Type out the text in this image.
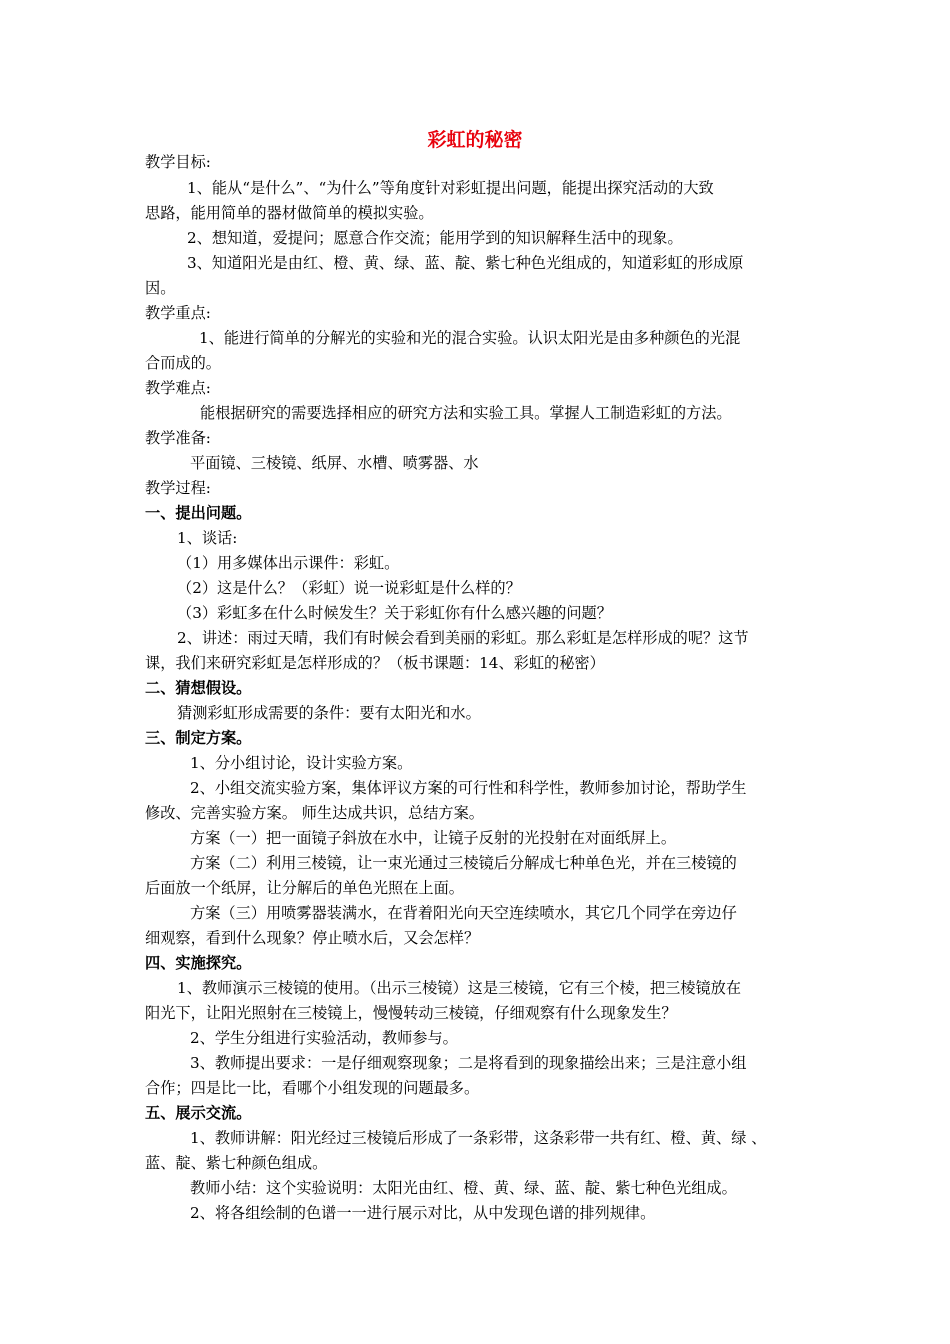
彩虹的秘密
教学目标:
1、能从“是什么”、“为什么”等角度针对彩虹提出问题，能提出探究活动的大致
思路，能用简单的器材做简单的模拟实验。
2、想知道，爱提问；愿意合作交流；能用学到的知识解释生活中的现象。
3、知道阳光是由红、橙、黄、绿、蓝、靛、紫七种色光组成的，知道彩虹的形成原
因。
教学重点:
1、能进行简单的分解光的实验和光的混合实验。认识太阳光是由多种颜色的光混
合而成的。
教学难点:
能根据研究的需要选择相应的研究方法和实验工具。掌握人工制造彩虹的方法。
教学准备:
平面镜、三棱镜、纸屏、水槽、喷雾器、水
教学过程:
一、提出问题。
1、谈话:
（1）用多媒体出示课件：彩虹。
（2）这是什么？（彩虹）说一说彩虹是什么样的？
（3）彩虹多在什么时候发生？关于彩虹你有什么感兴趣的问题？
2、讲述：雨过天晴，我们有时候会看到美丽的彩虹。那么彩虹是怎样形成的呢？这节
课，我们来研究彩虹是怎样形成的？（板书课题：14、彩虹的秘密）
二、猜想假设。
猜测彩虹形成需要的条件：要有太阳光和水。
三、制定方案。
1、分小组讨论，设计实验方案。
2、小组交流实验方案，集体评议方案的可行性和科学性，教师参加讨论，帮助学生
修改、完善实验方案。 师生达成共识，总结方案。
方案（一）把一面镜子斜放在水中，让镜子反射的光投射在对面纸屏上。
方案（二）利用三棱镜，让一束光通过三棱镜后分解成七种单色光，并在三棱镜的
后面放一个纸屏，让分解后的单色光照在上面。
方案（三）用喷雾器装满水，在背着阳光向天空连续喷水，其它几个同学在旁边仔
细观察，看到什么现象？停止喷水后，又会怎样？
四、实施探究。
1、教师演示三棱镜的使用。（出示三棱镜）这是三棱镜，它有三个棱，把三棱镜放在
阳光下，让阳光照射在三棱镜上，慢慢转动三棱镜，仔细观察有什么现象发生？
2、学生分组进行实验活动，教师参与。
3、教师提出要求：一是仔细观察现象；二是将看到的现象描绘出来；三是注意小组
合作；四是比一比，看哪个小组发现的问题最多。
五、展示交流。
1、教师讲解：阳光经过三棱镜后形成了一条彩带，这条彩带一共有红、橙、黄、绿 、
蓝、靛、紫七种颜色组成。
教师小结：这个实验说明：太阳光由红、橙、黄、绿、蓝、靛、紫七种色光组成。
2、将各组绘制的色谱一一进行展示对比，从中发现色谱的排列规律。
